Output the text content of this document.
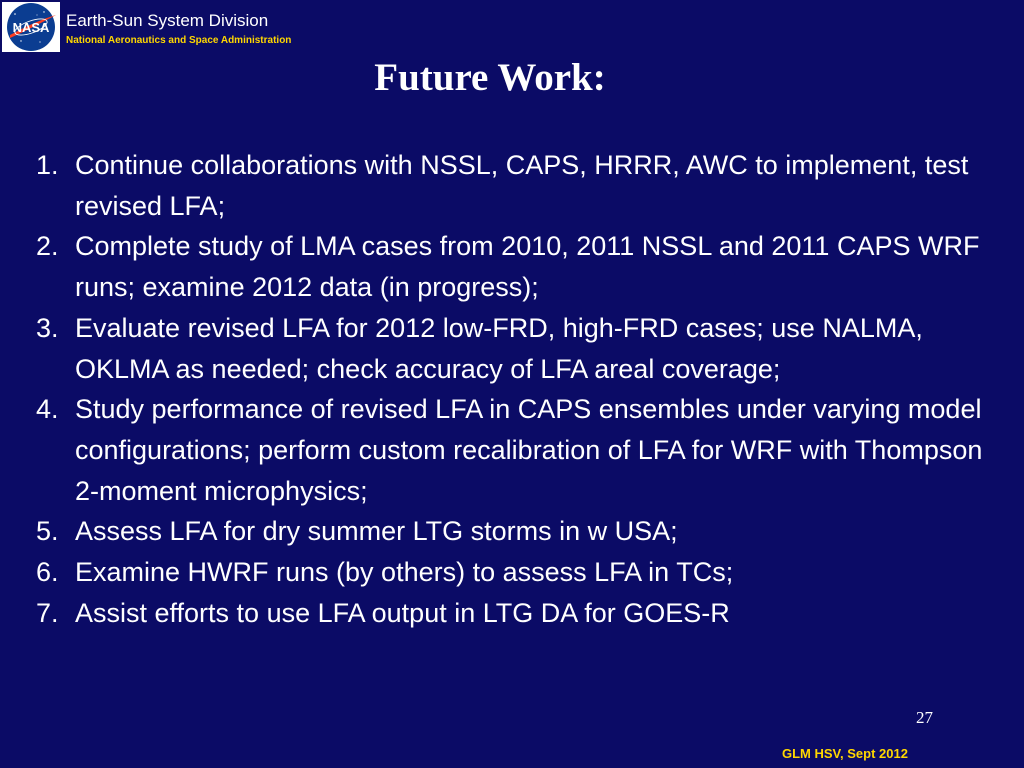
NASA Earth-Sun System Division
National Aeronautics and Space Administration
Future Work:
1. Continue collaborations with NSSL, CAPS, HRRR, AWC to implement, test revised LFA;
2. Complete study of LMA cases from 2010, 2011 NSSL and 2011 CAPS WRF runs; examine 2012 data (in progress);
3. Evaluate revised LFA for 2012 low-FRD, high-FRD cases; use NALMA, OKLMA as needed; check accuracy of LFA areal coverage;
4. Study performance of revised LFA in CAPS ensembles under varying model configurations; perform custom recalibration of LFA for WRF with Thompson 2-moment microphysics;
5. Assess LFA for dry summer LTG storms in w USA;
6. Examine HWRF runs (by others) to assess LFA in TCs;
7. Assist efforts to use LFA output in LTG DA for GOES-R
27
GLM HSV, Sept 2012
